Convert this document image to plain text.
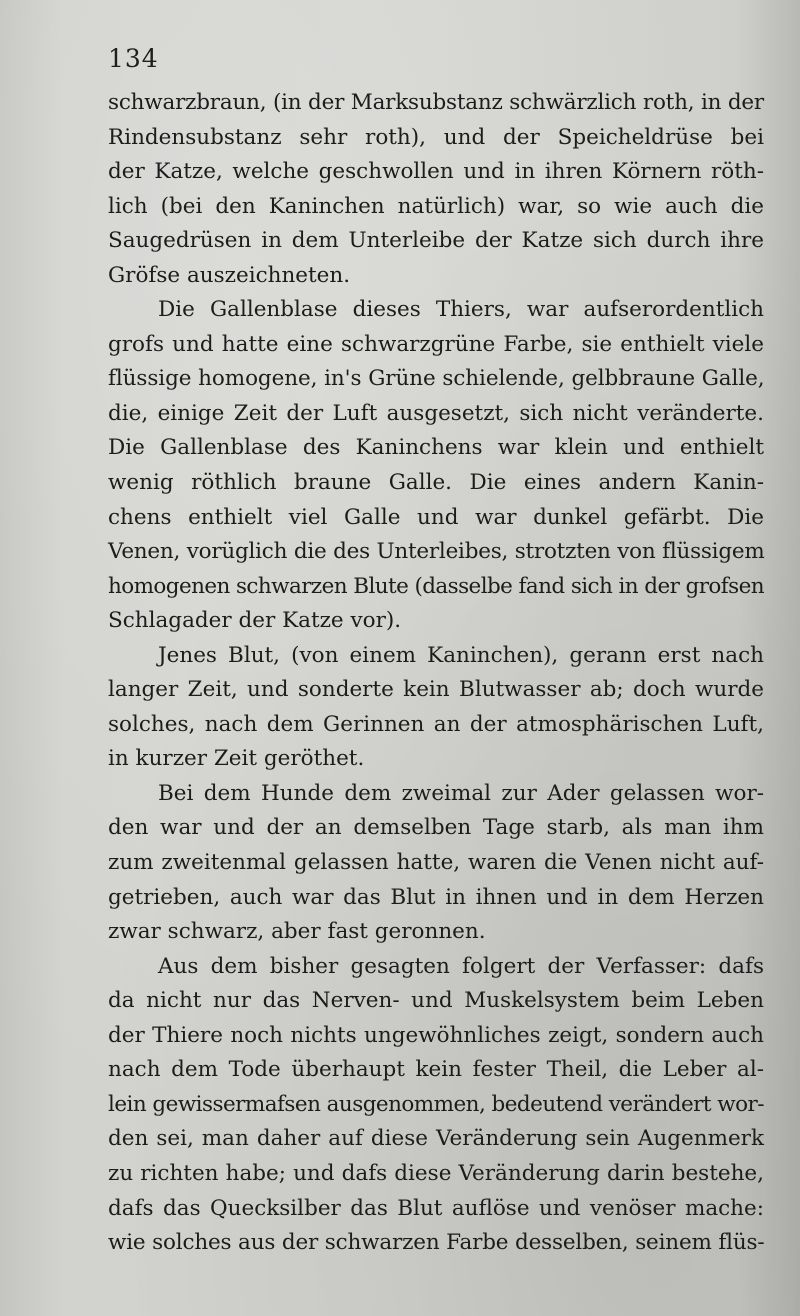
134
schwarzbraun, (in der Marksubstanz schwärzlich roth, in der
Rindensubstanz sehr roth), und der Speicheldrüse bei
der Katze, welche geschwollen und in ihren Körnern röth-
lich (bei den Kaninchen natürlich) war, so wie auch die
Saugedrüsen in dem Unterleibe der Katze sich durch ihre
Gröfse auszeichneten.
Die Gallenblase dieses Thiers, war aufserordentlich
grofs und hatte eine schwarzgrüne Farbe, sie enthielt viele
flüssige homogene, in's Grüne schielende, gelbbraune Galle,
die, einige Zeit der Luft ausgesetzt, sich nicht veränderte.
Die Gallenblase des Kaninchens war klein und enthielt
wenig röthlich braune Galle. Die eines andern Kanin-
chens enthielt viel Galle und war dunkel gefärbt. Die
Venen, vorüglich die des Unterleibes, strotzten von flüssigem
homogenen schwarzen Blute (dasselbe fand sich in der grofsen
Schlagader der Katze vor).
Jenes Blut, (von einem Kaninchen), gerann erst nach
langer Zeit, und sonderte kein Blutwasser ab; doch wurde
solches, nach dem Gerinnen an der atmosphärischen Luft,
in kurzer Zeit geröthet.
Bei dem Hunde dem zweimal zur Ader gelassen wor-
den war und der an demselben Tage starb, als man ihm
zum zweitenmal gelassen hatte, waren die Venen nicht auf-
getrieben, auch war das Blut in ihnen und in dem Herzen
zwar schwarz, aber fast geronnen.
Aus dem bisher gesagten folgert der Verfasser: dafs
da nicht nur das Nerven- und Muskelsystem beim Leben
der Thiere noch nichts ungewöhnliches zeigt, sondern auch
nach dem Tode überhaupt kein fester Theil, die Leber al-
lein gewissermafsen ausgenommen, bedeutend verändert wor-
den sei, man daher auf diese Veränderung sein Augenmerk
zu richten habe; und dafs diese Veränderung darin bestehe,
dafs das Quecksilber das Blut auflöse und venöser mache:
wie solches aus der schwarzen Farbe desselben, seinem flüs-
